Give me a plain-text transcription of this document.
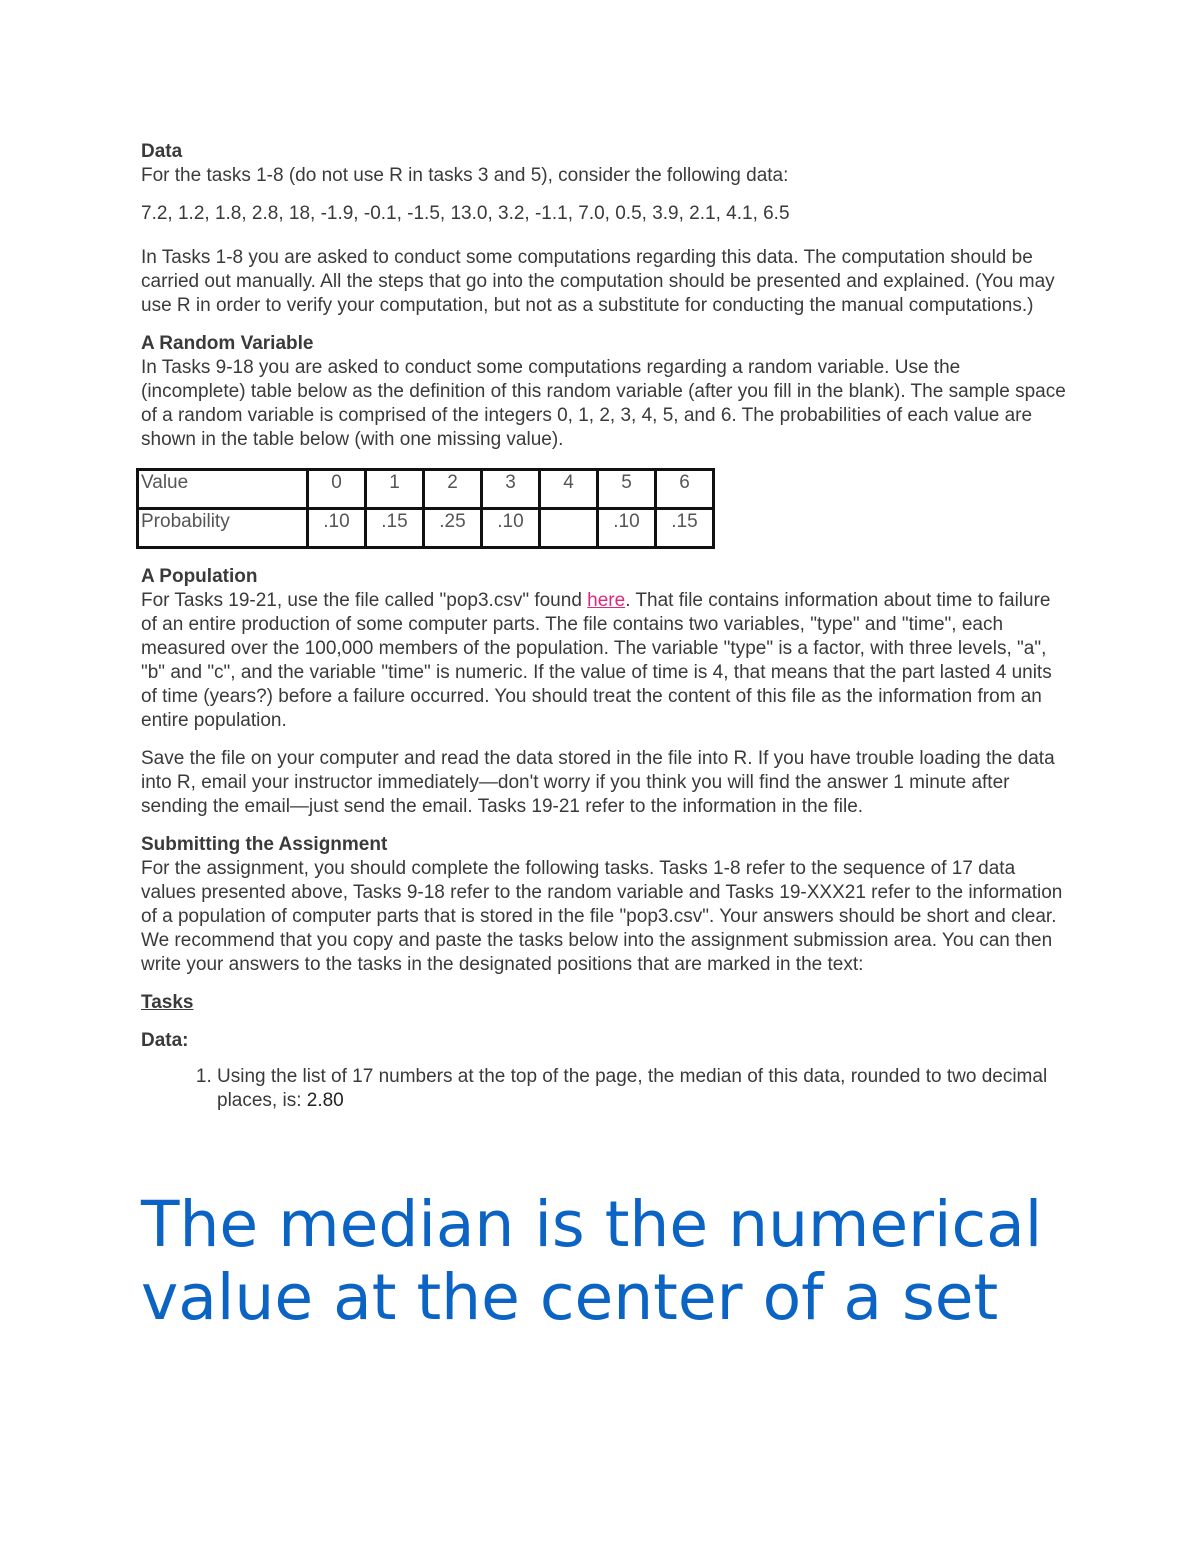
Data

For the tasks 1-8 (do not use R in tasks 3 and 5), consider the following data:

7.2, 1.2, 1.8, 2.8, 18, -1.9, -0.1, -1.5, 13.0, 3.2, -1.1, 7.0, 0.5, 3.9, 2.1, 4.1, 6.5

In Tasks 1-8 you are asked to conduct some computations regarding this data. The computation should be carried out manually. All the steps that go into the computation should be presented and explained. (You may use R in order to verify your computation, but not as a substitute for conducting the manual computations.)

A Random Variable

In Tasks 9-18 you are asked to conduct some computations regarding a random variable. Use the (incomplete) table below as the definition of this random variable (after you fill in the blank). The sample space of a random variable is comprised of the integers 0, 1, 2, 3, 4, 5, and 6. The probabilities of each value are shown in the table below (with one missing value).

Value	0	1	2	3	4	5	6
Probability	.10	.15	.25	.10		.10	.15

A Population

For Tasks 19-21, use the file called "pop3.csv" found here. That file contains information about time to failure of an entire production of some computer parts. The file contains two variables, "type" and "time", each measured over the 100,000 members of the population. The variable "type" is a factor, with three levels, "a", "b" and "c", and the variable "time" is numeric. If the value of time is 4, that means that the part lasted 4 units of time (years?) before a failure occurred. You should treat the content of this file as the information from an entire population.

Save the file on your computer and read the data stored in the file into R. If you have trouble loading the data into R, email your instructor immediately—don't worry if you think you will find the answer 1 minute after sending the email—just send the email. Tasks 19-21 refer to the information in the file.

Submitting the Assignment

For the assignment, you should complete the following tasks. Tasks 1-8 refer to the sequence of 17 data values presented above, Tasks 9-18 refer to the random variable and Tasks 19-XXX21 refer to the information of a population of computer parts that is stored in the file "pop3.csv". Your answers should be short and clear.

We recommend that you copy and paste the tasks below into the assignment submission area. You can then write your answers to the tasks in the designated positions that are marked in the text:

Tasks

Data:

1. Using the list of 17 numbers at the top of the page, the median of this data, rounded to two decimal places, is: 2.80
The median is the numerical value at the center of a set
